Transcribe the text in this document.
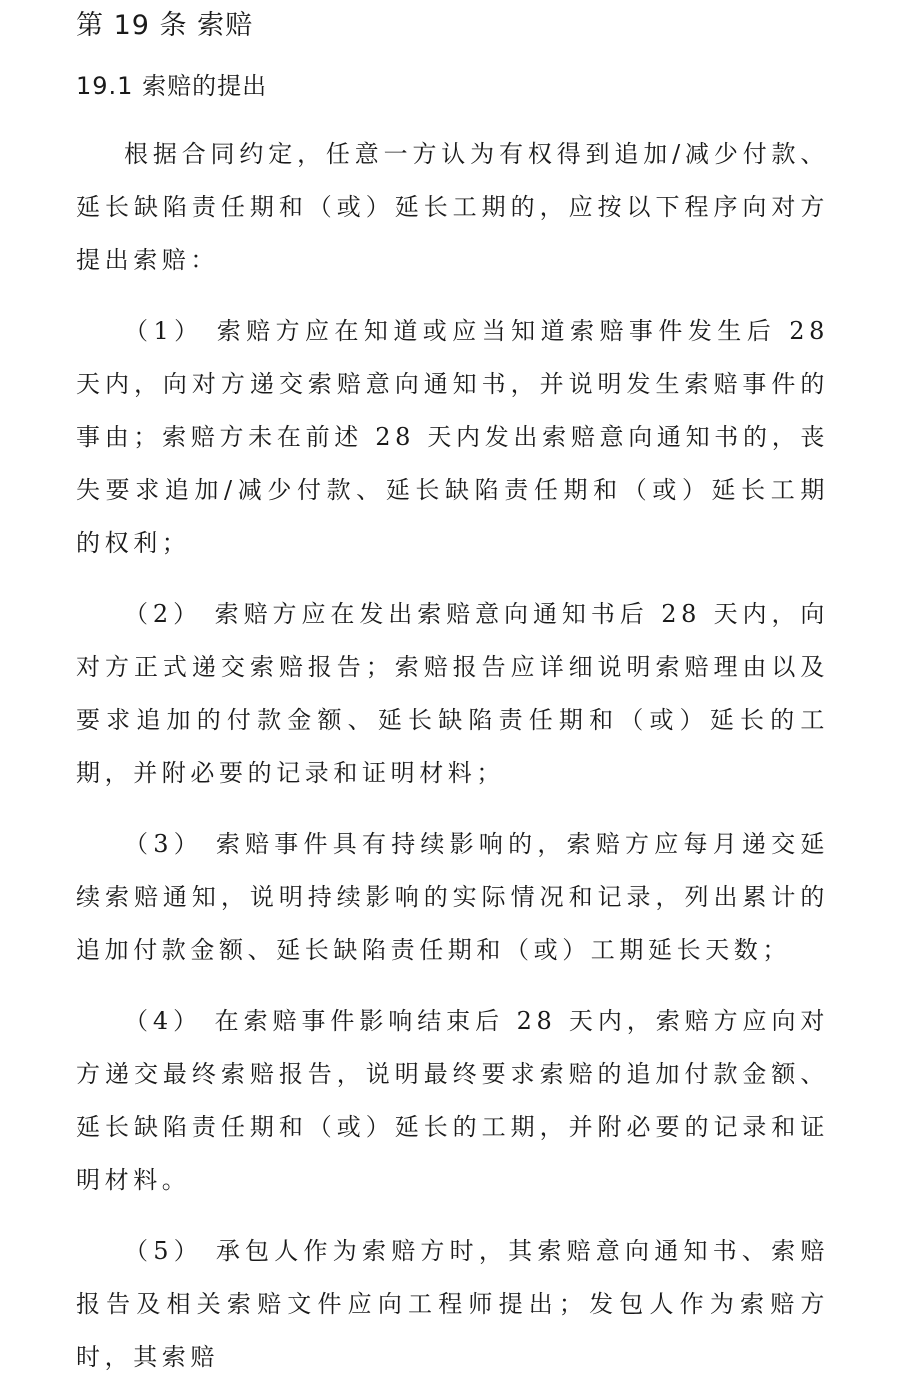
第 19 条 索赔
19.1 索赔的提出

根据合同约定，任意一方认为有权得到追加/减少付款、延长缺陷责任期和（或）延长工期的，应按以下程序向对方提出索赔：

（1） 索赔方应在知道或应当知道索赔事件发生后 28 天内，向对方递交索赔意向通知书，并说明发生索赔事件的事由；索赔方未在前述 28 天内发出索赔意向通知书的，丧失要求追加/减少付款、延长缺陷责任期和（或）延长工期的权利；

（2） 索赔方应在发出索赔意向通知书后 28 天内，向对方正式递交索赔报告；索赔报告应详细说明索赔理由以及要求追加的付款金额、延长缺陷责任期和（或）延长的工期，并附必要的记录和证明材料；

（3） 索赔事件具有持续影响的，索赔方应每月递交延续索赔通知，说明持续影响的实际情况和记录，列出累计的追加付款金额、延长缺陷责任期和（或）工期延长天数；

（4） 在索赔事件影响结束后 28 天内，索赔方应向对方递交最终索赔报告，说明最终要求索赔的追加付款金额、延长缺陷责任期和（或）延长的工期，并附必要的记录和证明材料。

（5） 承包人作为索赔方时，其索赔意向通知书、索赔报告及相关索赔文件应向工程师提出；发包人作为索赔方时，其索赔
